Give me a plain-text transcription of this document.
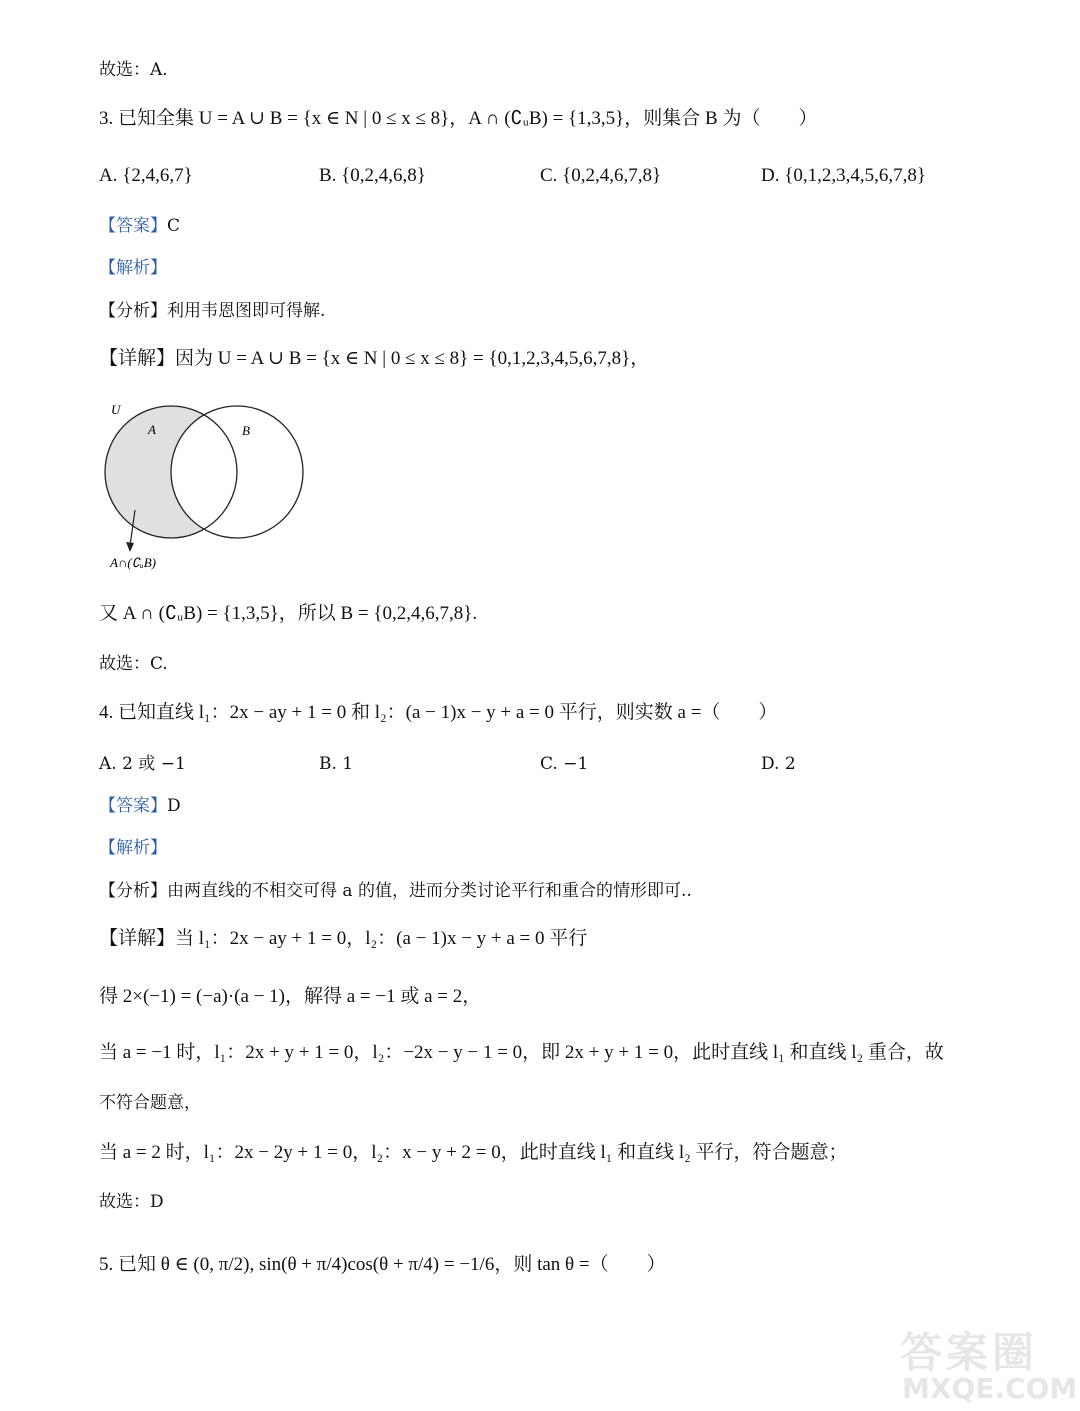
故选：A.
3. 已知全集 U = A ∪ B = {x ∈ N | 0 ≤ x ≤ 8}，A ∩ (∁ᵤB) = {1,3,5}，则集合 B 为（　　）
A. {2,4,6,7}	B. {0,2,4,6,8}	C. {0,2,4,6,7,8}	D. {0,1,2,3,4,5,6,7,8}
【答案】C
【解析】
【分析】利用韦恩图即可得解.
【详解】因为 U = A ∪ B = {x ∈ N | 0 ≤ x ≤ 8} = {0,1,2,3,4,5,6,7,8}，
U
A	B
A∩(∁ᵤB)
又 A ∩ (∁ᵤB) = {1,3,5}，所以 B = {0,2,4,6,7,8}.
故选：C.
4. 已知直线 l₁：2x − ay + 1 = 0 和 l₂：(a − 1)x − y + a = 0 平行，则实数 a =（　　）
A. 2 或 −1	B. 1	C. −1	D. 2
【答案】D
【解析】
【分析】由两直线的不相交可得 a 的值，进而分类讨论平行和重合的情形即可..
【详解】当 l₁：2x − ay + 1 = 0，l₂：(a − 1)x − y + a = 0 平行
得 2×(−1) = (−a)·(a − 1)，解得 a = −1 或 a = 2，
当 a = −1 时，l₁：2x + y + 1 = 0，l₂：−2x − y − 1 = 0，即 2x + y + 1 = 0，此时直线 l₁ 和直线 l₂ 重合，故
不符合题意，
当 a = 2 时，l₁：2x − 2y + 1 = 0，l₂：x − y + 2 = 0，此时直线 l₁ 和直线 l₂ 平行，符合题意；
故选：D
5. 已知 θ ∈ (0, π/2), sin(θ + π/4)cos(θ + π/4) = −1/6，则 tan θ =（　　）
答案圈
MXQE.COM
